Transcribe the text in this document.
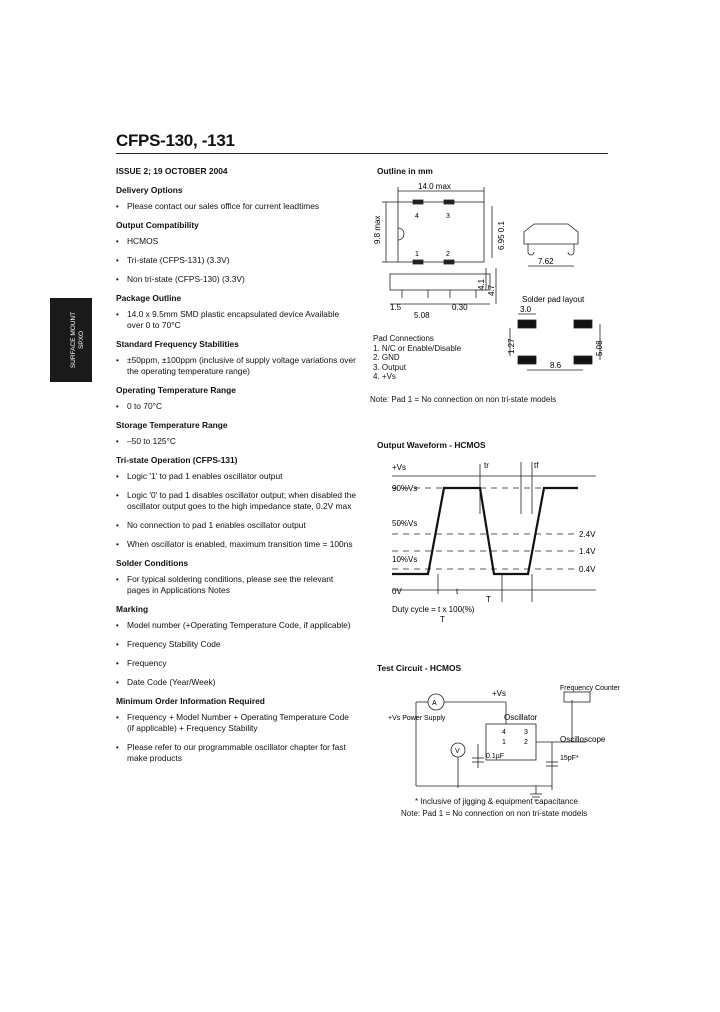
CFPS-130, -131
SURFACE MOUNT SPXO
ISSUE 2; 19 OCTOBER 2004
Delivery Options
• Please contact our sales office for current leadtimes
Output Compatibility
• HCMOS
• Tri-state (CFPS-131) (3.3V)
• Non tri-state (CFPS-130) (3.3V)
Package Outline
• 14.0 x 9.5mm SMD plastic encapsulated device Available over 0 to 70°C
Standard Frequency Stabilities
• ±50ppm, ±100ppm (inclusive of supply voltage variations over the operating temperature range)
Operating Temperature Range
• 0 to 70°C
Storage Temperature Range
• –50 to 125°C
Tri-state Operation (CFPS-131)
• Logic '1' to pad 1 enables oscillator output
• Logic '0' to pad 1 disables oscillator output; when disabled the oscillator output goes to the high impedance state, 0.2V max
• No connection to pad 1 enables oscillator output
• When oscillator is enabled, maximum transition time = 100ns
Solder Conditions
• For typical soldering conditions, please see the relevant pages in Applications Notes
Marking
• Model number (+Operating Temperature Code, if applicable)
• Frequency Stability Code
• Frequency
• Date Code (Year/Week)
Minimum Order Information Required
• Frequency + Model Number + Operating Temperature Code (if applicable) + Frequency Stability
• Please refer to our programmable oscillator chapter for fast make products
Outline in mm
14.0 max
9.8 max	6.95 0.1
4	3
1	2
7.62
4.1
4.7
1.5	0.30
5.08
Solder pad layout
3.0
1.27	5.08
8.6
Pad Connections
1. N/C or Enable/Disable
2. GND
3. Output
4. +Vs
Note: Pad 1 = No connection on non tri-state models
Output Waveform - HCMOS
+Vs
90%Vs
50%Vs
10%Vs
0V
2.4V
1.4V
0.4V
tr	tf
t
T
Duty cycle = t x 100(%)
T
Test Circuit - HCMOS
+Vs
Frequency Counter
Oscillator
+Vs Power Supply
A
4	3
1	2
V
0.1µF
Oscilloscope
15pF*
* Inclusive of jigging & equipment capacitance
Note: Pad 1 = No connection on non tri-state models
